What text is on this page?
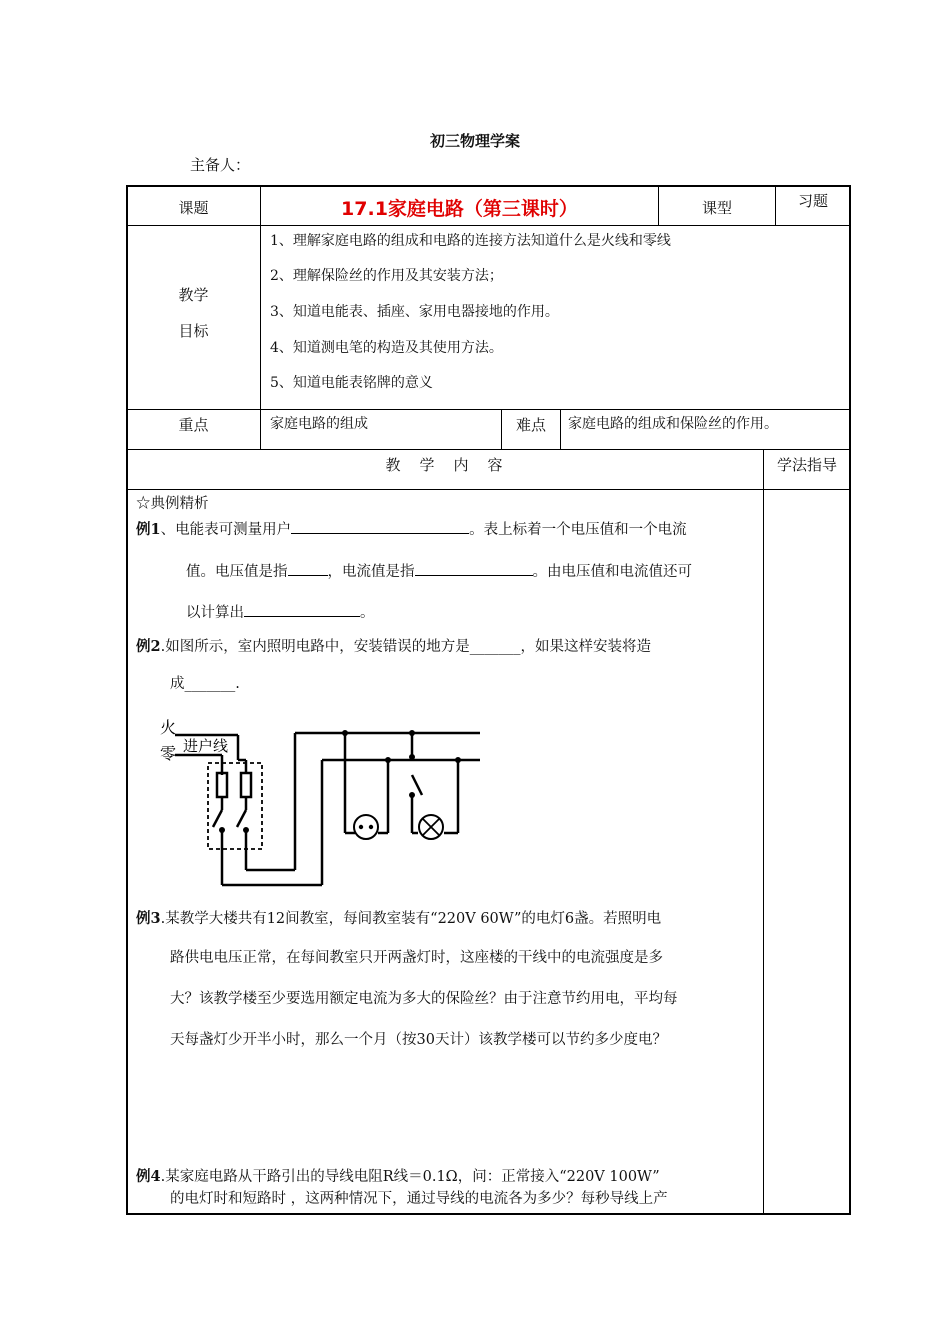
初三物理学案
主备人：
课题	17.1家庭电路（第三课时）	课型	习题
教学
目标
1、理解家庭电路的组成和电路的连接方法知道什么是火线和零线
2、理解保险丝的作用及其安装方法；
3、知道电能表、插座、家用电器接地的作用。
4、知道测电笔的构造及其使用方法。
5、知道电能表铭牌的意义
重点	家庭电路的组成	难点	家庭电路的组成和保险丝的作用。
教　学　内　容	学法指导
☆典例精析
例1、电能表可测量用户	。表上标着一个电压值和一个电流
值。电压值是指	，电流值是指	。由电压值和电流值还可
以计算出	。
例2.如图所示，室内照明电路中，安装错误的地方是_______，如果这样安装将造
成_______.
火
零 进户线
例3.某教学大楼共有12间教室，每间教室装有“220V 60W”的电灯6盏。若照明电
路供电电压正常，在每间教室只开两盏灯时，这座楼的干线中的电流强度是多
大？该教学楼至少要选用额定电流为多大的保险丝？由于注意节约用电，平均每
天每盏灯少开半小时，那么一个月（按30天计）该教学楼可以节约多少度电？
例4.某家庭电路从干路引出的导线电阻R线＝0.1Ω，问：正常接入“220V 100W”
的电灯时和短路时 ，这两种情况下，通过导线的电流各为多少？每秒导线上产
